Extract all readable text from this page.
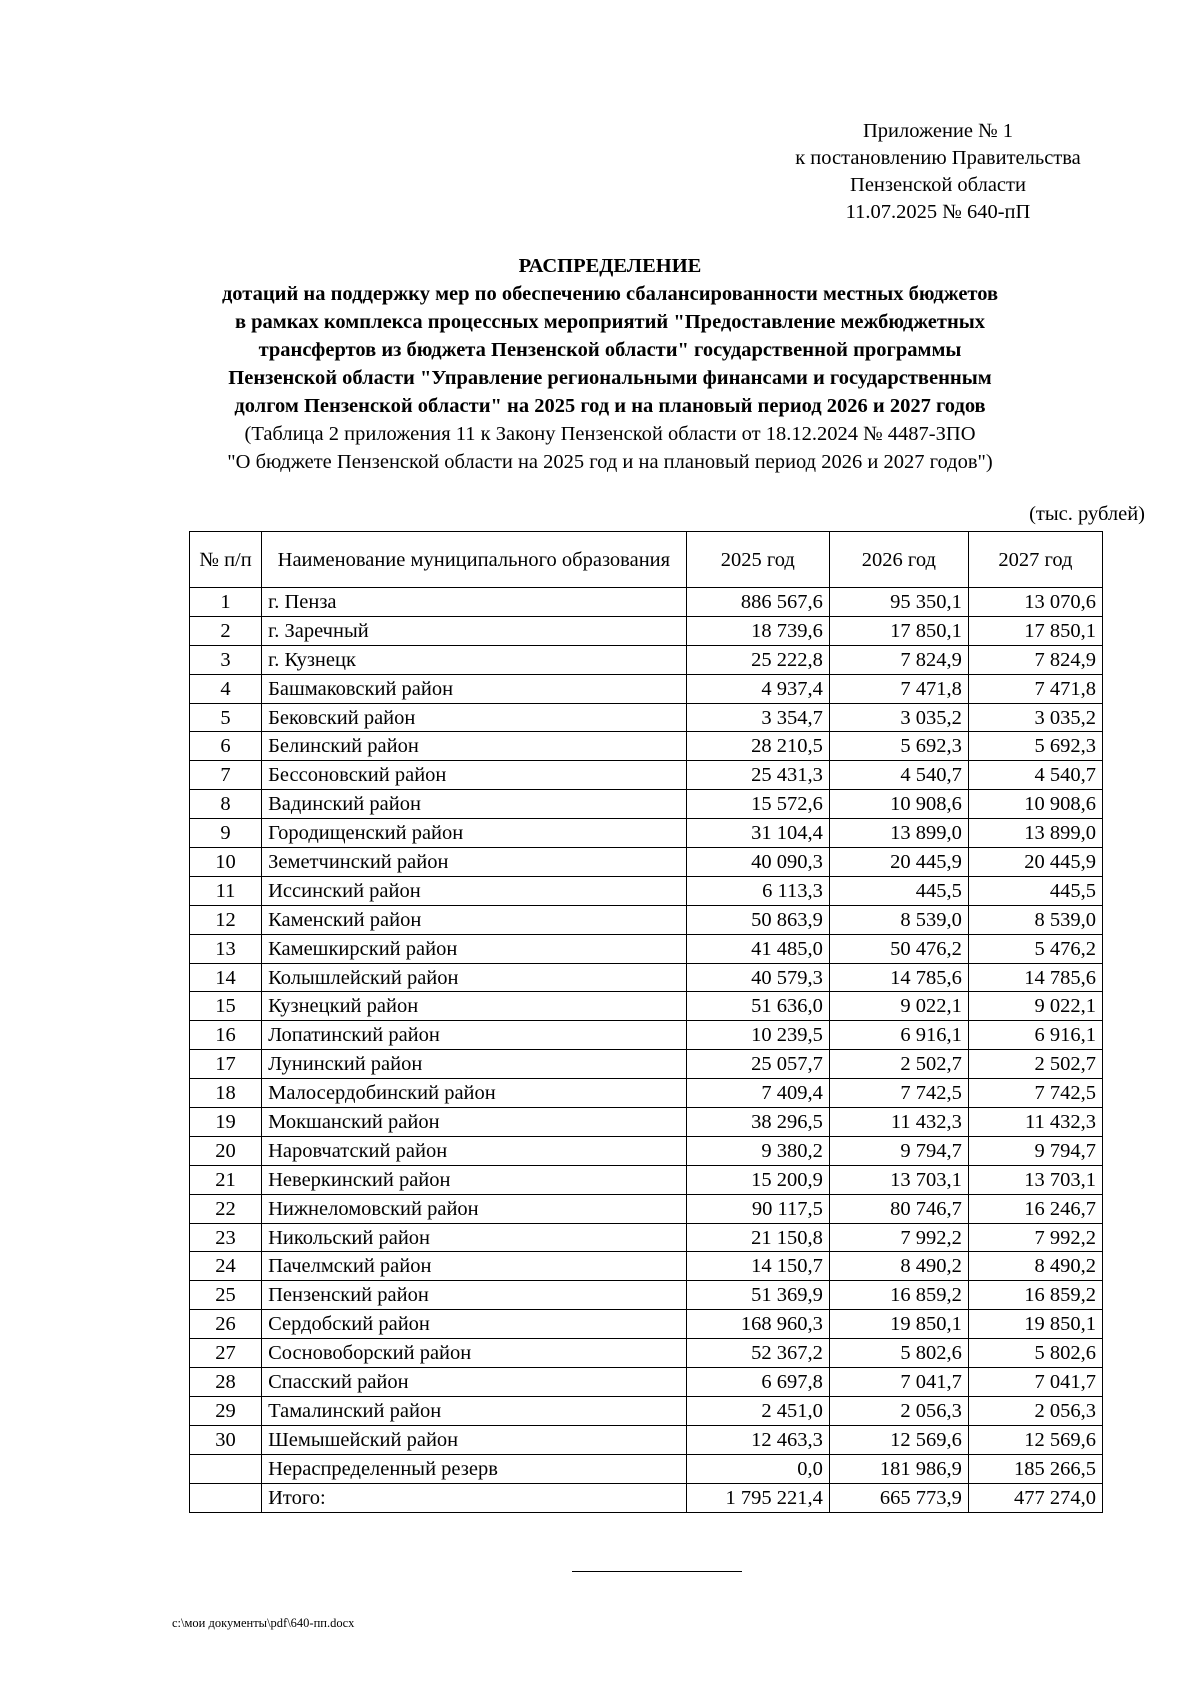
Приложение № 1
к постановлению Правительства
Пензенской области
11.07.2025 № 640-пП
РАСПРЕДЕЛЕНИЕ
дотаций на поддержку мер по обеспечению сбалансированности местных бюджетов
в рамках комплекса процессных мероприятий "Предоставление межбюджетных
трансфертов из бюджета Пензенской области" государственной программы
Пензенской области "Управление региональными финансами и государственным
долгом Пензенской области" на 2025 год и на плановый период 2026 и 2027 годов
(Таблица 2 приложения 11 к Закону Пензенской области от 18.12.2024 № 4487-ЗПО
"О бюджете Пензенской области на 2025 год и на плановый период 2026 и 2027 годов")
(тыс. рублей)
№ п/п	Наименование муниципального образования	2025 год	2026 год	2027 год
1	г. Пенза	886 567,6	95 350,1	13 070,6
2	г. Заречный	18 739,6	17 850,1	17 850,1
3	г. Кузнецк	25 222,8	7 824,9	7 824,9
4	Башмаковский район	4 937,4	7 471,8	7 471,8
5	Бековский район	3 354,7	3 035,2	3 035,2
6	Белинский район	28 210,5	5 692,3	5 692,3
7	Бессоновский район	25 431,3	4 540,7	4 540,7
8	Вадинский район	15 572,6	10 908,6	10 908,6
9	Городищенский район	31 104,4	13 899,0	13 899,0
10	Земетчинский район	40 090,3	20 445,9	20 445,9
11	Иссинский район	6 113,3	445,5	445,5
12	Каменский район	50 863,9	8 539,0	8 539,0
13	Камешкирский район	41 485,0	50 476,2	5 476,2
14	Колышлейский район	40 579,3	14 785,6	14 785,6
15	Кузнецкий район	51 636,0	9 022,1	9 022,1
16	Лопатинский район	10 239,5	6 916,1	6 916,1
17	Лунинский район	25 057,7	2 502,7	2 502,7
18	Малосердобинский район	7 409,4	7 742,5	7 742,5
19	Мокшанский район	38 296,5	11 432,3	11 432,3
20	Наровчатский район	9 380,2	9 794,7	9 794,7
21	Неверкинский район	15 200,9	13 703,1	13 703,1
22	Нижнеломовский район	90 117,5	80 746,7	16 246,7
23	Никольский район	21 150,8	7 992,2	7 992,2
24	Пачелмский район	14 150,7	8 490,2	8 490,2
25	Пензенский район	51 369,9	16 859,2	16 859,2
26	Сердобский район	168 960,3	19 850,1	19 850,1
27	Сосновоборский район	52 367,2	5 802,6	5 802,6
28	Спасский район	6 697,8	7 041,7	7 041,7
29	Тамалинский район	2 451,0	2 056,3	2 056,3
30	Шемышейский район	12 463,3	12 569,6	12 569,6
	Нераспределенный резерв	0,0	181 986,9	185 266,5
	Итого:	1 795 221,4	665 773,9	477 274,0
c:\мои документы\pdf\640-пп.docx
